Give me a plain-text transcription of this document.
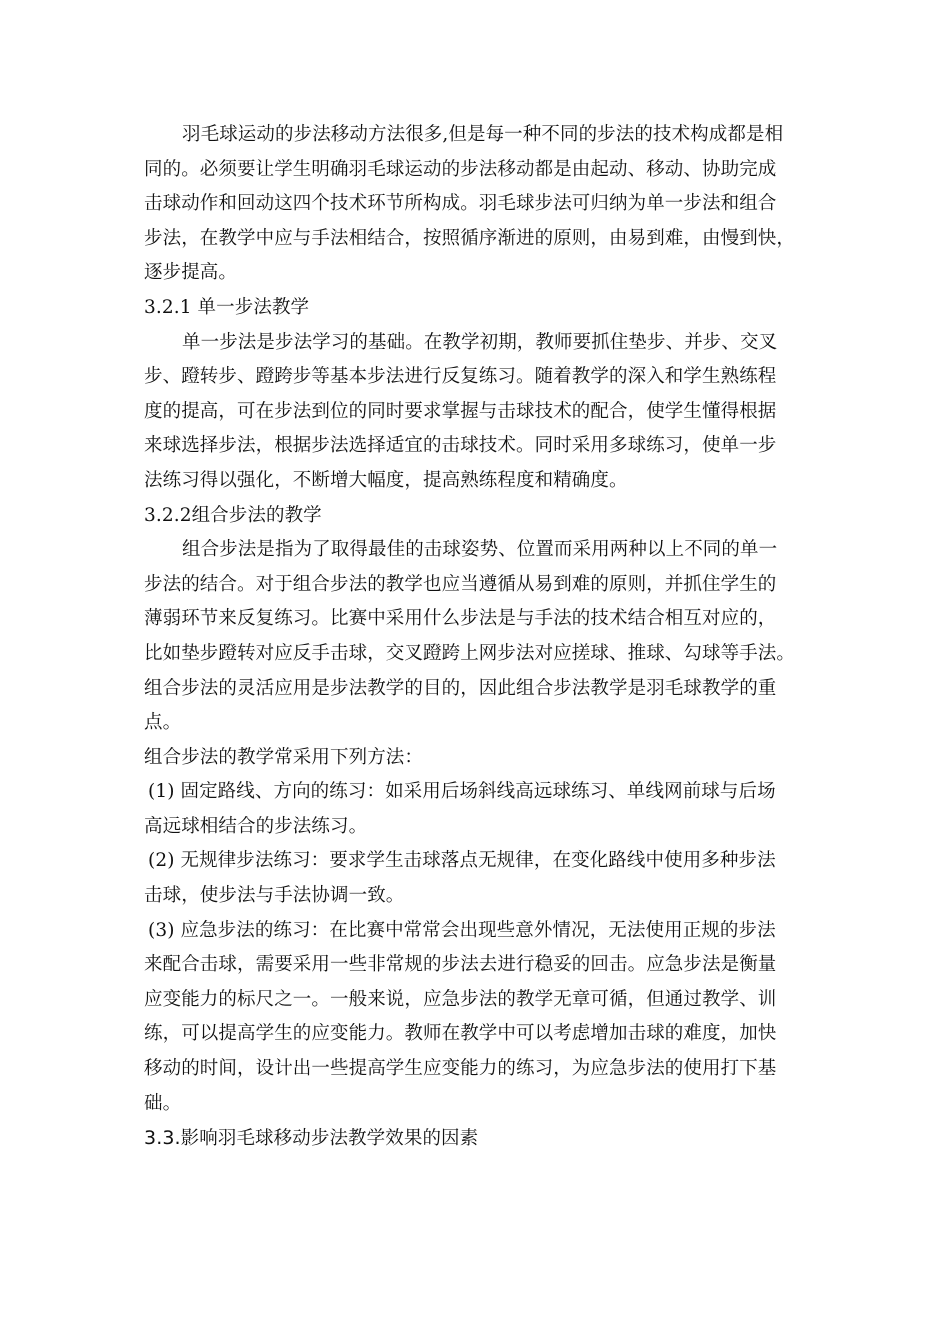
羽毛球运动的步法移动方法很多,但是每一种不同的步法的技术构成都是相
同的。必须要让学生明确羽毛球运动的步法移动都是由起动、移动、协助完成
击球动作和回动这四个技术环节所构成。羽毛球步法可归纳为单一步法和组合
步法，在教学中应与手法相结合，按照循序渐进的原则，由易到难，由慢到快，
逐步提高。
3.2.1 单一步法教学
单一步法是步法学习的基础。在教学初期，教师要抓住垫步、并步、交叉
步、蹬转步、蹬跨步等基本步法进行反复练习。随着教学的深入和学生熟练程
度的提高，可在步法到位的同时要求掌握与击球技术的配合，使学生懂得根据
来球选择步法，根据步法选择适宜的击球技术。同时采用多球练习，使单一步
法练习得以强化，不断增大幅度，提高熟练程度和精确度。
3.2.2组合步法的教学
组合步法是指为了取得最佳的击球姿势、位置而采用两种以上不同的单一
步法的结合。对于组合步法的教学也应当遵循从易到难的原则，并抓住学生的
薄弱环节来反复练习。比赛中采用什么步法是与手法的技术结合相互对应的，
比如垫步蹬转对应反手击球，交叉蹬跨上网步法对应搓球、推球、勾球等手法。
组合步法的灵活应用是步法教学的目的，因此组合步法教学是羽毛球教学的重
点。
组合步法的教学常采用下列方法：
(1) 固定路线、方向的练习：如采用后场斜线高远球练习、单线网前球与后场
高远球相结合的步法练习。
(2) 无规律步法练习：要求学生击球落点无规律，在变化路线中使用多种步法
击球，使步法与手法协调一致。
(3) 应急步法的练习：在比赛中常常会出现些意外情况，无法使用正规的步法
来配合击球，需要采用一些非常规的步法去进行稳妥的回击。应急步法是衡量
应变能力的标尺之一。一般来说，应急步法的教学无章可循，但通过教学、训
练，可以提高学生的应变能力。教师在教学中可以考虑增加击球的难度，加快
移动的时间，设计出一些提高学生应变能力的练习，为应急步法的使用打下基
础。
3.3.影响羽毛球移动步法教学效果的因素
